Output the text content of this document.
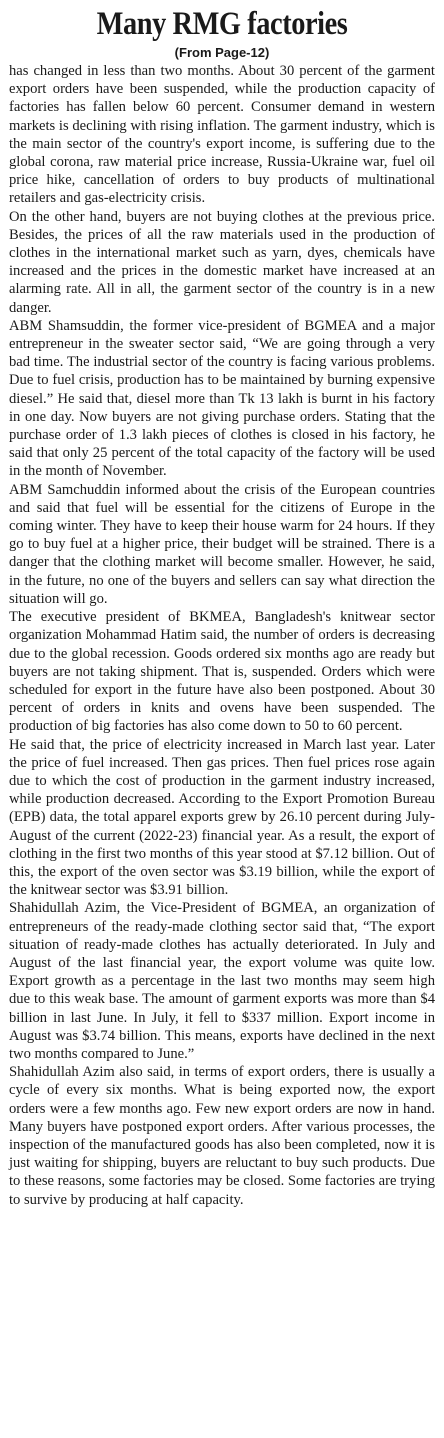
Many RMG factories
(From Page-12)

has changed in less than two months. About 30 percent of the garment export orders have been suspended, while the production capacity of factories has fallen below 60 percent. Consumer demand in western markets is declining with rising inflation. The garment industry, which is the main sector of the country's export income, is suffering due to the global corona, raw material price increase, Russia-Ukraine war, fuel oil price hike, cancellation of orders to buy products of multinational retailers and gas-electricity crisis.

On the other hand, buyers are not buying clothes at the previous price. Besides, the prices of all the raw materials used in the production of clothes in the international market such as yarn, dyes, chemicals have increased and the prices in the domestic market have increased at an alarming rate. All in all, the garment sector of the country is in a new danger.

ABM Shamsuddin, the former vice-president of BGMEA and a major entrepreneur in the sweater sector said, “We are going through a very bad time. The industrial sector of the country is facing various problems. Due to fuel crisis, production has to be maintained by burning expensive diesel.” He said that, diesel more than Tk 13 lakh is burnt in his factory in one day. Now buyers are not giving purchase orders. Stating that the purchase order of 1.3 lakh pieces of clothes is closed in his factory, he said that only 25 percent of the total capacity of the factory will be used in the month of November.

ABM Samchuddin informed about the crisis of the European countries and said that fuel will be essential for the citizens of Europe in the coming winter. They have to keep their house warm for 24 hours. If they go to buy fuel at a higher price, their budget will be strained. There is a danger that the clothing market will become smaller. However, he said, in the future, no one of the buyers and sellers can say what direction the situation will go.

The executive president of BKMEA, Bangladesh's knitwear sector organization Mohammad Hatim said, the number of orders is decreasing due to the global recession. Goods ordered six months ago are ready but buyers are not taking shipment. That is, suspended. Orders which were scheduled for export in the future have also been postponed. About 30 percent of orders in knits and ovens have been suspended. The production of big factories has also come down to 50 to 60 percent.

He said that, the price of electricity increased in March last year. Later the price of fuel increased. Then gas prices. Then fuel prices rose again due to which the cost of production in the garment industry increased, while production decreased. According to the Export Promotion Bureau (EPB) data, the total apparel exports grew by 26.10 percent during July-August of the current (2022-23) financial year. As a result, the export of clothing in the first two months of this year stood at $7.12 billion. Out of this, the export of the oven sector was $3.19 billion, while the export of the knitwear sector was $3.91 billion.

Shahidullah Azim, the Vice-President of BGMEA, an organization of entrepreneurs of the ready-made clothing sector said that, “The export situation of ready-made clothes has actually deteriorated. In July and August of the last financial year, the export volume was quite low. Export growth as a percentage in the last two months may seem high due to this weak base. The amount of garment exports was more than $4 billion in last June. In July, it fell to $337 million. Export income in August was $3.74 billion. This means, exports have declined in the next two months compared to June.”

Shahidullah Azim also said, in terms of export orders, there is usually a cycle of every six months. What is being exported now, the export orders were a few months ago. Few new export orders are now in hand. Many buyers have postponed export orders. After various processes, the inspection of the manufactured goods has also been completed, now it is just waiting for shipping, buyers are reluctant to buy such products. Due to these reasons, some factories may be closed. Some factories are trying to survive by producing at half capacity.
